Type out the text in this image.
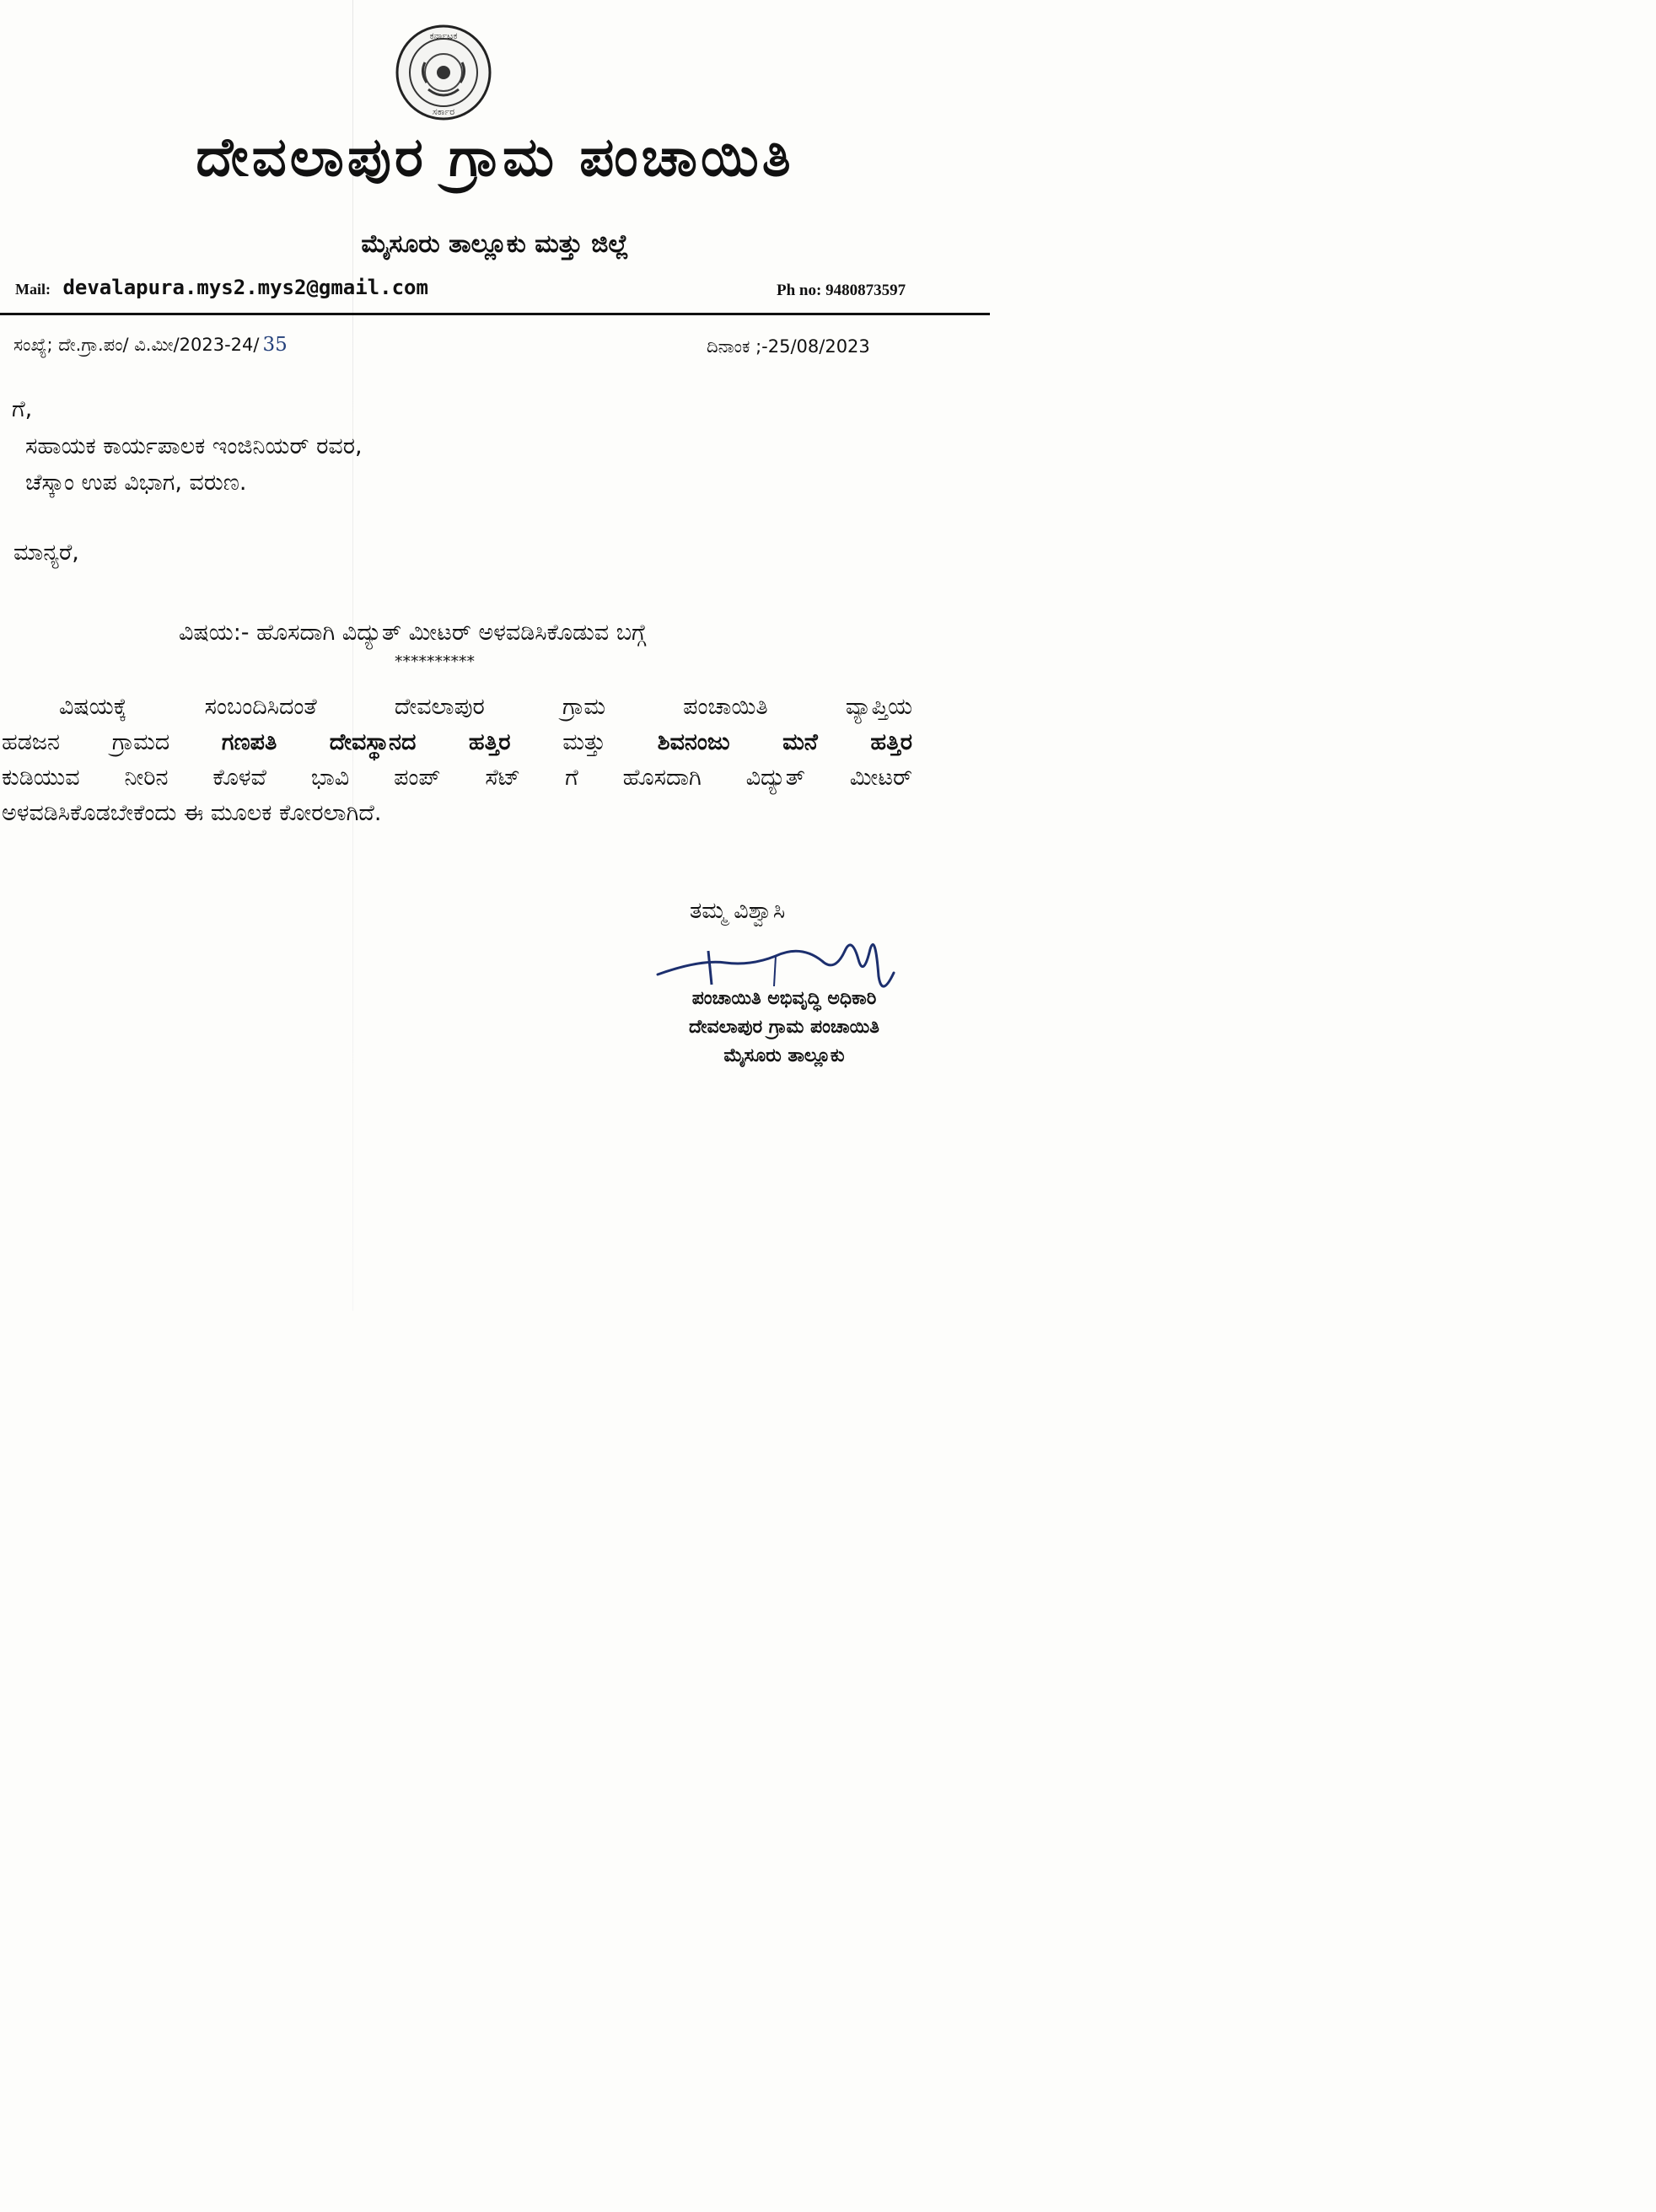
ಕರ್ನಾಟಕ
ಸರ್ಕಾರ
ದೇವಲಾಪುರ ಗ್ರಾಮ ಪಂಚಾಯಿತಿ
ಮೈಸೂರು ತಾಲ್ಲೂಕು ಮತ್ತು ಜಿಲ್ಲೆ
Mail: devalapura.mys2.mys2@gmail.com	Ph no: 9480873597
ಸಂಖ್ಯೆ; ದೇ.ಗ್ರಾ.ಪಂ/ ವಿ.ಮೀ/2023-24/ 35	ದಿನಾಂಕ ;-25/08/2023
ಗೆ,
ಸಹಾಯಕ ಕಾರ್ಯಪಾಲಕ ಇಂಜಿನಿಯರ್ ರವರ,
ಚೆಸ್ಕಾಂ ಉಪ ವಿಭಾಗ, ವರುಣ.
ಮಾನ್ಯರೆ,
ವಿಷಯ:- ಹೊಸದಾಗಿ ವಿದ್ಯುತ್ ಮೀಟರ್ ಅಳವಡಿಸಿಕೊಡುವ ಬಗ್ಗೆ
**********
ವಿಷಯಕ್ಕೆ ಸಂಬಂದಿಸಿದಂತೆ ದೇವಲಾಪುರ ಗ್ರಾಮ ಪಂಚಾಯಿತಿ ವ್ಯಾಪ್ತಿಯ
ಹಡಜನ ಗ್ರಾಮದ ಗಣಪತಿ ದೇವಸ್ಥಾನದ ಹತ್ತಿರ ಮತ್ತು ಶಿವನಂಜು ಮನೆ ಹತ್ತಿರ
ಕುಡಿಯುವ ನೀರಿನ ಕೊಳವೆ ಭಾವಿ ಪಂಪ್ ಸೆಟ್ ಗೆ ಹೊಸದಾಗಿ ವಿದ್ಯುತ್ ಮೀಟರ್
ಅಳವಡಿಸಿಕೊಡಬೇಕೆಂದು ಈ ಮೂಲಕ ಕೋರಲಾಗಿದೆ.
ತಮ್ಮ ವಿಶ್ವಾಸಿ
ಪಂಚಾಯಿತಿ ಅಭಿವೃದ್ಧಿ ಅಧಿಕಾರಿ
ದೇವಲಾಪುರ ಗ್ರಾಮ ಪಂಚಾಯಿತಿ
ಮೈಸೂರು ತಾಲ್ಲೂಕು
